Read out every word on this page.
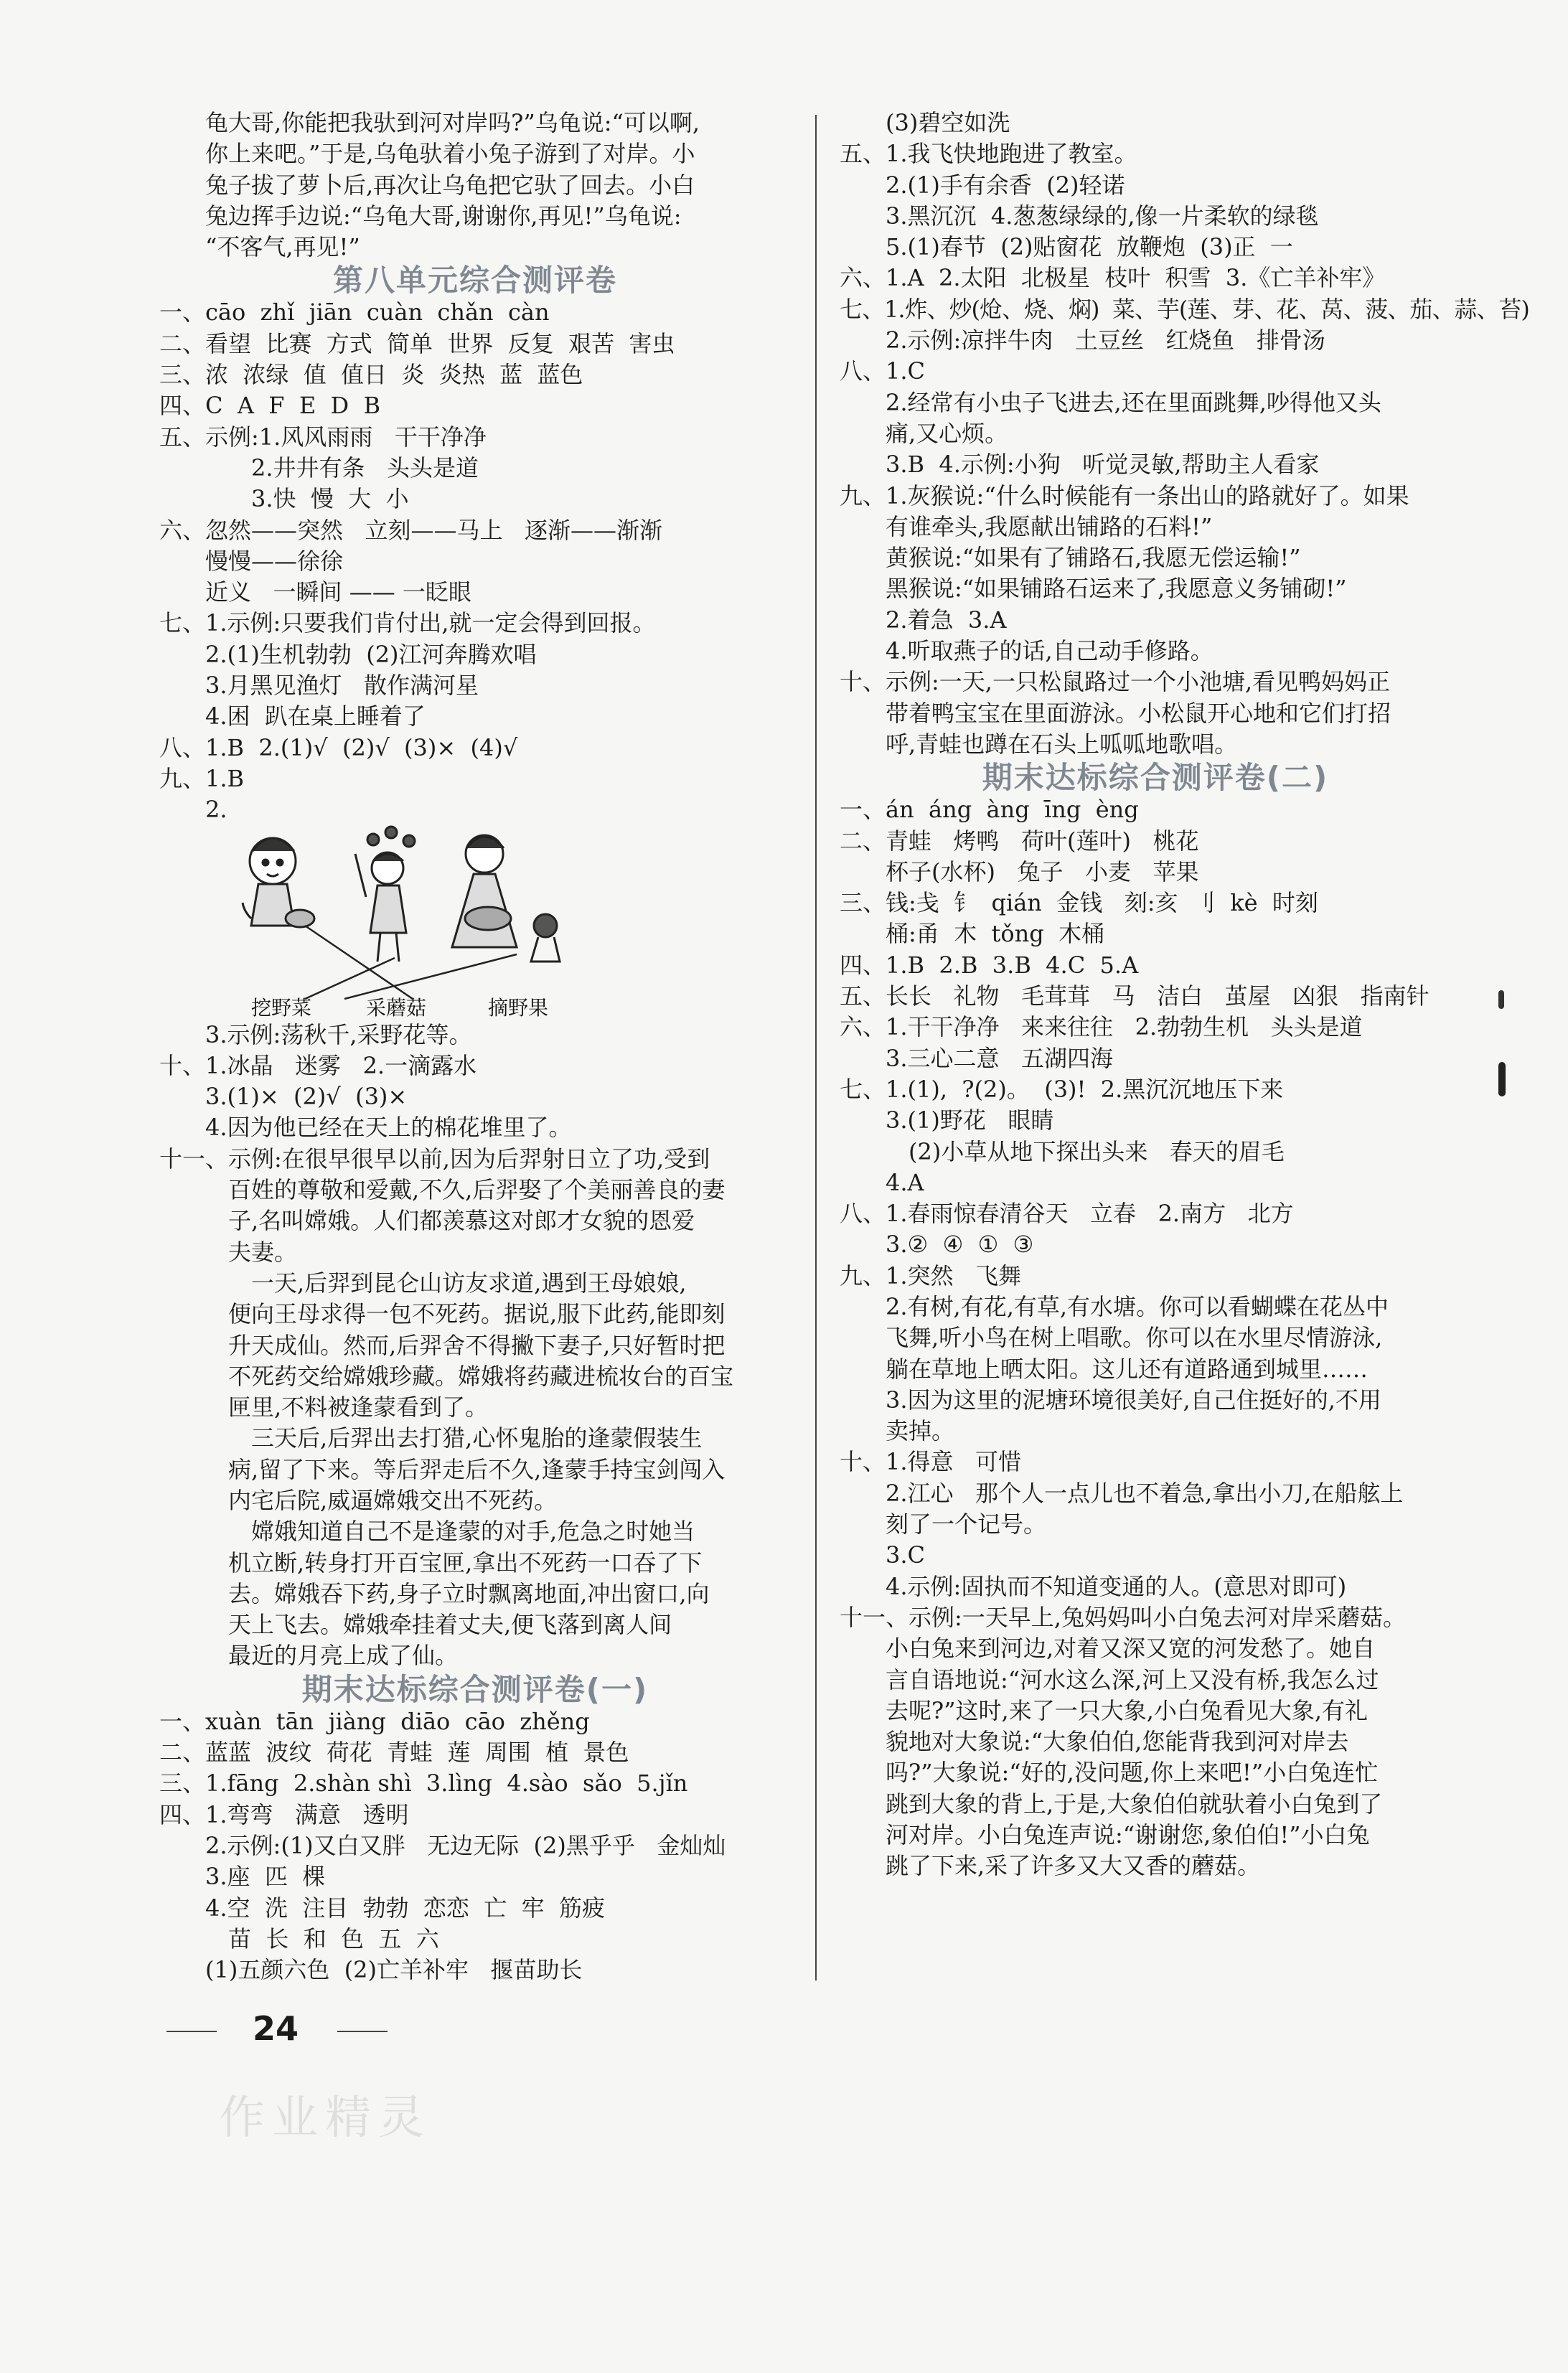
龟大哥,你能把我驮到河对岸吗?”乌龟说:“可以啊,

你上来吧。”于是,乌龟驮着小兔子游到了对岸。小

兔子拔了萝卜后,再次让乌龟把它驮了回去。小白

兔边挥手边说:“乌龟大哥,谢谢你,再见!”乌龟说:

“不客气,再见!”

第八单元综合测评卷

一、cāo  zhǐ  jiān  cuàn  chǎn  càn

二、看望  比赛  方式  简单  世界  反复  艰苦  害虫

三、浓  浓绿  值  值日  炎  炎热  蓝  蓝色

四、C  A  F  E  D  B

五、示例:1.风风雨雨   干干净净

2.井井有条   头头是道

3.快  慢  大  小

六、忽然——突然   立刻——马上   逐渐——渐渐

慢慢——徐徐

近义   一瞬间 —— 一眨眼

七、1.示例:只要我们肯付出,就一定会得到回报。

2.(1)生机勃勃  (2)江河奔腾欢唱

3.月黑见渔灯   散作满河星

4.困  趴在桌上睡着了

八、1.B  2.(1)√  (2)√  (3)×  (4)√

九、1.B

2.

3.示例:荡秋千,采野花等。

十、1.冰晶   迷雾   2.一滴露水

3.(1)×  (2)√  (3)×

4.因为他已经在天上的棉花堆里了。

十一、示例:在很早很早以前,因为后羿射日立了功,受到

百姓的尊敬和爱戴,不久,后羿娶了个美丽善良的妻

子,名叫嫦娥。人们都羡慕这对郎才女貌的恩爱

夫妻。

一天,后羿到昆仑山访友求道,遇到王母娘娘,

便向王母求得一包不死药。据说,服下此药,能即刻

升天成仙。然而,后羿舍不得撇下妻子,只好暂时把

不死药交给嫦娥珍藏。嫦娥将药藏进梳妆台的百宝

匣里,不料被逢蒙看到了。

三天后,后羿出去打猎,心怀鬼胎的逢蒙假装生

病,留了下来。等后羿走后不久,逢蒙手持宝剑闯入

内宅后院,威逼嫦娥交出不死药。

嫦娥知道自己不是逢蒙的对手,危急之时她当

机立断,转身打开百宝匣,拿出不死药一口吞了下

去。嫦娥吞下药,身子立时飘离地面,冲出窗口,向

天上飞去。嫦娥牵挂着丈夫,便飞落到离人间

最近的月亮上成了仙。

期末达标综合测评卷(一)

一、xuàn  tān  jiàng  diāo  cāo  zhěng

二、蓝蓝  波纹  荷花  青蛙  莲  周围  植  景色

三、1.fāng  2.shàn shì  3.lìng  4.sào  sǎo  5.jǐn

四、1.弯弯   满意   透明

2.示例:(1)又白又胖   无边无际  (2)黑乎乎   金灿灿

3.座  匹  棵

4.空  洗  注目  勃勃  恋恋  亡  牢  筋疲

苗  长  和  色  五  六

(1)五颜六色  (2)亡羊补牢   揠苗助长

挖野菜	采蘑菇	摘野果

(3)碧空如洗

五、1.我飞快地跑进了教室。

2.(1)手有余香  (2)轻诺

3.黑沉沉  4.葱葱绿绿的,像一片柔软的绿毯

5.(1)春节  (2)贴窗花  放鞭炮  (3)正  一

六、1.A  2.太阳  北极星  枝叶  积雪  3.《亡羊补牢》

七、1.炸、炒(炝、烧、焖)  菜、芋(莲、芽、花、莴、菠、茄、蒜、苔)

2.示例:凉拌牛肉   土豆丝   红烧鱼   排骨汤

八、1.C

2.经常有小虫子飞进去,还在里面跳舞,吵得他又头

痛,又心烦。

3.B  4.示例:小狗   听觉灵敏,帮助主人看家

九、1.灰猴说:“什么时候能有一条出山的路就好了。如果

有谁牵头,我愿献出铺路的石料!”

黄猴说:“如果有了铺路石,我愿无偿运输!”

黑猴说:“如果铺路石运来了,我愿意义务铺砌!”

2.着急  3.A

4.听取燕子的话,自己动手修路。

十、示例:一天,一只松鼠路过一个小池塘,看见鸭妈妈正

带着鸭宝宝在里面游泳。小松鼠开心地和它们打招

呼,青蛙也蹲在石头上呱呱地歌唱。

期末达标综合测评卷(二)

一、án  áng  àng  īng  èng

二、青蛙   烤鸭   荷叶(莲叶)   桃花

杯子(水杯)   兔子   小麦   苹果

三、钱:戋  钅  qián  金钱   刻:亥  刂  kè  时刻

桶:甬  木  tǒng  木桶

四、1.B  2.B  3.B  4.C  5.A

五、长长   礼物   毛茸茸   马   洁白   茧屋   凶狠   指南针

六、1.干干净净   来来往往   2.勃勃生机   头头是道

3.三心二意   五湖四海

七、1.(1),  ?(2)。  (3)!  2.黑沉沉地压下来

3.(1)野花   眼睛

(2)小草从地下探出头来   春天的眉毛

4.A

八、1.春雨惊春清谷天   立春   2.南方   北方

3.②  ④  ①  ③

九、1.突然   飞舞

2.有树,有花,有草,有水塘。你可以看蝴蝶在花丛中

飞舞,听小鸟在树上唱歌。你可以在水里尽情游泳,

躺在草地上晒太阳。这儿还有道路通到城里……

3.因为这里的泥塘环境很美好,自己住挺好的,不用

卖掉。

十、1.得意   可惜

2.江心   那个人一点儿也不着急,拿出小刀,在船舷上

刻了一个记号。

3.C

4.示例:固执而不知道变通的人。(意思对即可)

十一、示例:一天早上,兔妈妈叫小白兔去河对岸采蘑菇。

小白兔来到河边,对着又深又宽的河发愁了。她自

言自语地说:“河水这么深,河上又没有桥,我怎么过

去呢?”这时,来了一只大象,小白兔看见大象,有礼

貌地对大象说:“大象伯伯,您能背我到河对岸去

吗?”大象说:“好的,没问题,你上来吧!”小白兔连忙

跳到大象的背上,于是,大象伯伯就驮着小白兔到了

河对岸。小白兔连声说:“谢谢您,象伯伯!”小白兔

跳了下来,采了许多又大又香的蘑菇。

24
作业精灵
